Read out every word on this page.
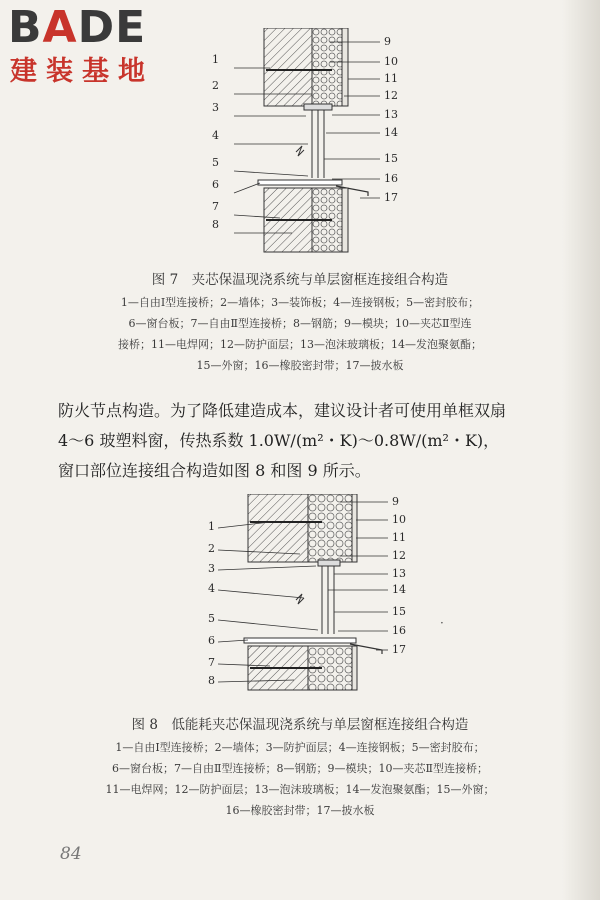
BADE
建装基地	1
2
3
4
5
6
7
8
9
10
11
12
13
14
15
16
17
图 7　夹芯保温现浇系统与单层窗框连接组合构造
1—自由Ⅰ型连接桥；2—墙体；3—装饰板；4—连接钢板；5—密封胶布；
6—窗台板；7—自由Ⅱ型连接桥；8—钢筋；9—模块；10—夹芯Ⅱ型连
接桥；11—电焊网；12—防护面层；13—泡沫玻璃板；14—发泡聚氨酯；
15—外窗；16—橡胶密封带；17—披水板
防火节点构造。为了降低建造成本，建议设计者可使用单框双扇
4～6 玻塑料窗，传热系数 1.0W/(m²・K)～0.8W/(m²・K)，
窗口部位连接组合构造如图 8 和图 9 所示。
1
2
3
4
5
6
7
8
9
10
11
12
13
14
15
16
17
·
图 8　低能耗夹芯保温现浇系统与单层窗框连接组合构造
1—自由Ⅰ型连接桥；2—墙体；3—防护面层；4—连接钢板；5—密封胶布；
6—窗台板；7—自由Ⅱ型连接桥；8—钢筋；9—模块；10—夹芯Ⅱ型连接桥；
11—电焊网；12—防护面层；13—泡沫玻璃板；14—发泡聚氨酯；15—外窗；
16—橡胶密封带；17—披水板
84
